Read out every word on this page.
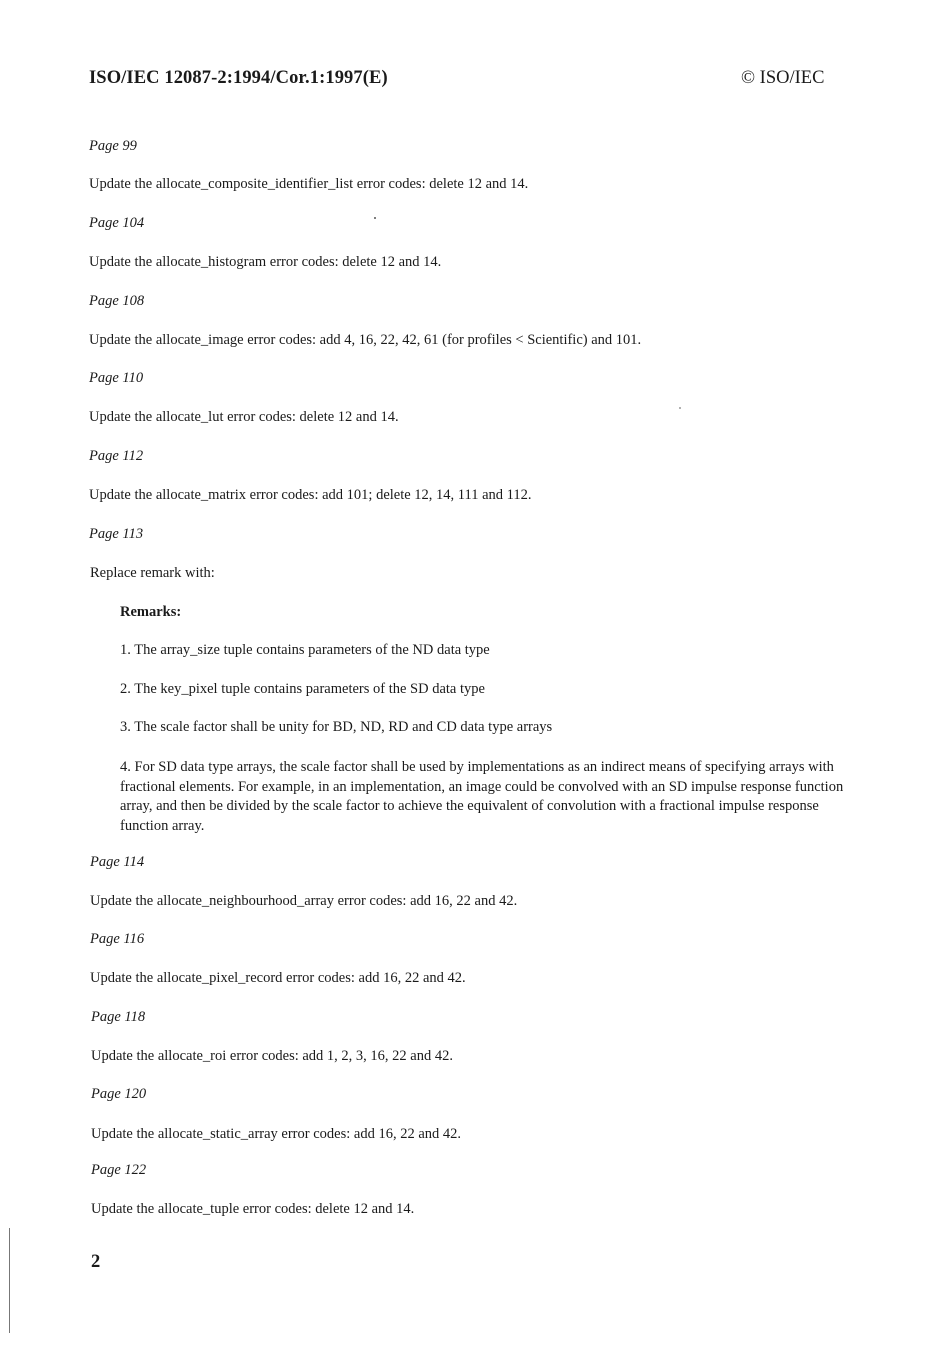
ISO/IEC 12087-2:1994/Cor.1:1997(E)	© ISO/IEC
Page 99
Update the allocate_composite_identifier_list error codes: delete 12 and 14.
Page 104
Update the allocate_histogram error codes: delete 12 and 14.
Page 108
Update the allocate_image error codes: add 4, 16, 22, 42, 61 (for profiles < Scientific) and 101.
Page 110
Update the allocate_lut error codes: delete 12 and 14.
Page 112
Update the allocate_matrix error codes: add 101; delete 12, 14, 111 and 112.
Page 113
Replace remark with:
Remarks:
1. The array_size tuple contains parameters of the ND data type
2. The key_pixel tuple contains parameters of the SD data type
3. The scale factor shall be unity for BD, ND, RD and CD data type arrays
4. For SD data type arrays, the scale factor shall be used by implementations as an indirect means of specifying arrays with fractional elements. For example, in an implementation, an image could be convolved with an SD impulse response function array, and then be divided by the scale factor to achieve the equivalent of convolution with a fractional impulse response function array.
Page 114
Update the allocate_neighbourhood_array error codes: add 16, 22 and 42.
Page 116
Update the allocate_pixel_record error codes: add 16, 22 and 42.
Page 118
Update the allocate_roi error codes: add 1, 2, 3, 16, 22 and 42.
Page 120
Update the allocate_static_array error codes: add 16, 22 and 42.
Page 122
Update the allocate_tuple error codes: delete 12 and 14.
2
